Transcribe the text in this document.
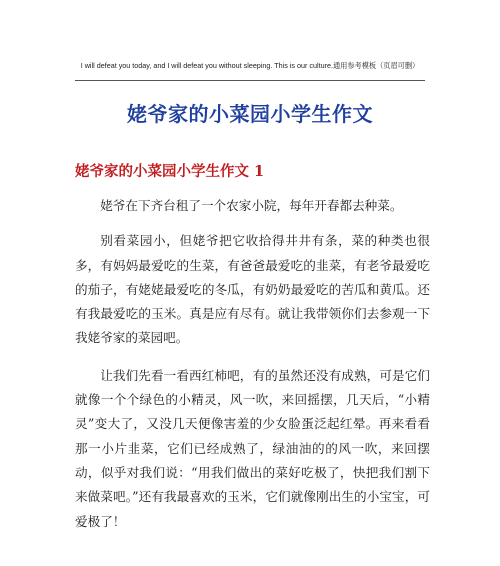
I will defeat you today, and I will defeat you without sleeping. This is our culture.通用参考模板（页眉可删）
姥爷家的小菜园小学生作文
姥爷家的小菜园小学生作文 1

姥爷在下齐台租了一个农家小院，每年开春都去种菜。

别看菜园小，但姥爷把它收拾得井井有条，菜的种类也很多，有妈妈最爱吃的生菜，有爸爸最爱吃的韭菜，有老爷最爱吃的茄子，有姥姥最爱吃的冬瓜，有奶奶最爱吃的苦瓜和黄瓜。还有我最爱吃的玉米。真是应有尽有。就让我带领你们去参观一下我姥爷家的菜园吧。

让我们先看一看西红柿吧，有的虽然还没有成熟，可是它们就像一个个绿色的小精灵，风一吹，来回摇摆，几天后，“小精灵”变大了，又没几天便像害羞的少女脸蛋泛起红晕。再来看看那一小片韭菜，它们已经成熟了，绿油油的的风一吹，来回摆动，似乎对我们说：“用我们做出的菜好吃极了，快把我们割下来做菜吧。”还有我最喜欢的玉米，它们就像刚出生的小宝宝，可爱极了！
